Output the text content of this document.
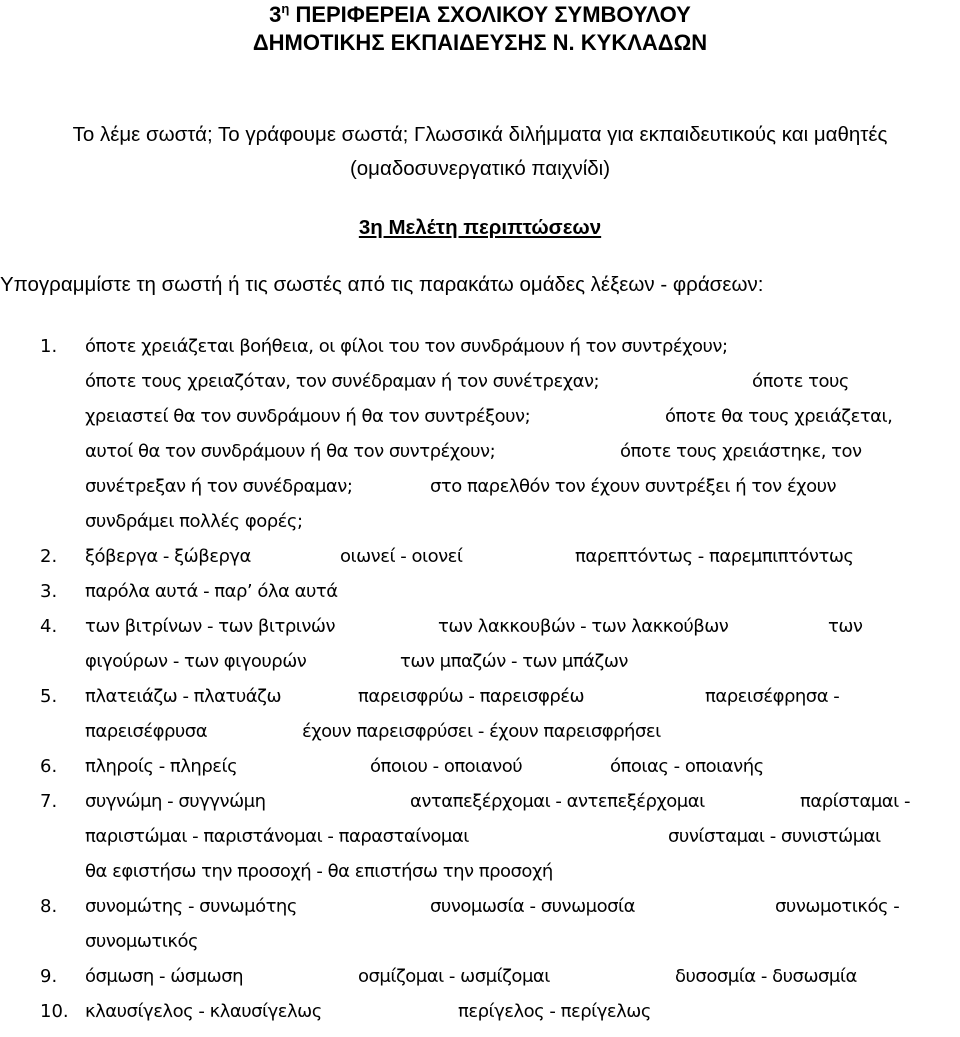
$3^\eta$ ΠΕΡΙΦΕΡΕΙΑ ΣΧΟΛΙΚΟΥ ΣΥΜΒΟΥΛΟΥ
ΔΗΜΟΤΙΚΗΣ ΕΚΠΑΙΔΕΥΣΗΣ Ν. ΚΥΚΛΑΔΩΝ
Το λέμε σωστά; Το γράφουμε σωστά; Γλωσσικά διλήμματα για εκπαιδευτικούς και μαθητές
(ομαδοσυνεργατικό παιχνίδι)
3η Μελέτη περιπτώσεων
Υπογραμμίστε τη σωστή ή τις σωστές από τις παρακάτω ομάδες λέξεων - φράσεων:
1. όποτε χρειάζεται βοήθεια, οι φίλοι του τον συνδράμουν ή τον συντρέχουν;
όποτε τους χρειαζόταν, τον συνέδραμαν ή τον συνέτρεχαν;	όποτε τους
χρειαστεί θα τον συνδράμουν ή θα τον συντρέξουν;	όποτε θα τους χρειάζεται,
αυτοί θα τον συνδράμουν ή θα τον συντρέχουν;	όποτε τους χρειάστηκε, τον
συνέτρεξαν ή τον συνέδραμαν;	στο παρελθόν τον έχουν συντρέξει ή τον έχουν
συνδράμει πολλές φορές;
2. ξόβεργα - ξώβεργα	οιωνεί - οιονεί	παρεπτόντως - παρεμπιπτόντως
3. παρόλα αυτά - παρ’ όλα αυτά
4. των βιτρίνων - των βιτρινών	των λακκουβών - των λακκούβων	των
φιγούρων - των φιγουρών	των μπαζών - των μπάζων
5. πλατειάζω - πλατυάζω	παρεισφρύω - παρεισφρέω	παρεισέφρησα -
παρεισέφρυσα	έχουν παρεισφρύσει - έχουν παρεισφρήσει
6. πληροίς - πληρείς	όποιου - οποιανού	όποιας - οποιανής
7. συγνώμη - συγγνώμη	ανταπεξέρχομαι - αντεπεξέρχομαι	παρίσταμαι -
παριστώμαι - παριστάνομαι - παρασταίνομαι	συνίσταμαι - συνιστώμαι
θα εφιστήσω την προσοχή - θα επιστήσω την προσοχή
8. συνομώτης - συνωμότης	συνομωσία - συνωμοσία	συνωμοτικός -
συνομωτικός
9. όσμωση - ώσμωση	οσμίζομαι - ωσμίζομαι	δυσοσμία - δυσωσμία
10. κλαυσίγελος - κλαυσίγελως	περίγελος - περίγελως
